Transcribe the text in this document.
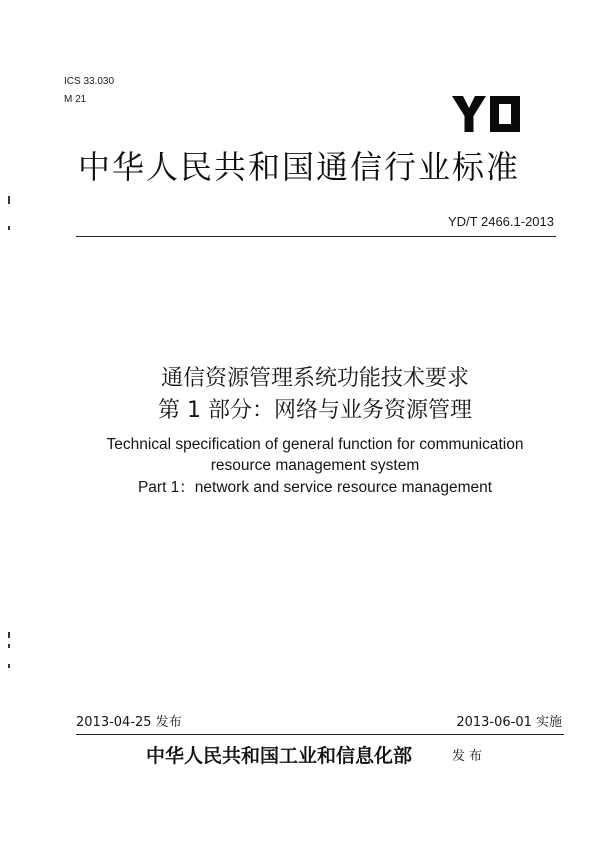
ICS 33.030
M 21
中华人民共和国通信行业标准
YD/T 2466.1-2013
通信资源管理系统功能技术要求
第 1 部分：网络与业务资源管理
Technical specification of general function for communication
resource management system
Part 1：network and service resource management
2013-04-25 发布	2013-06-01 实施
中华人民共和国工业和信息化部	发布
